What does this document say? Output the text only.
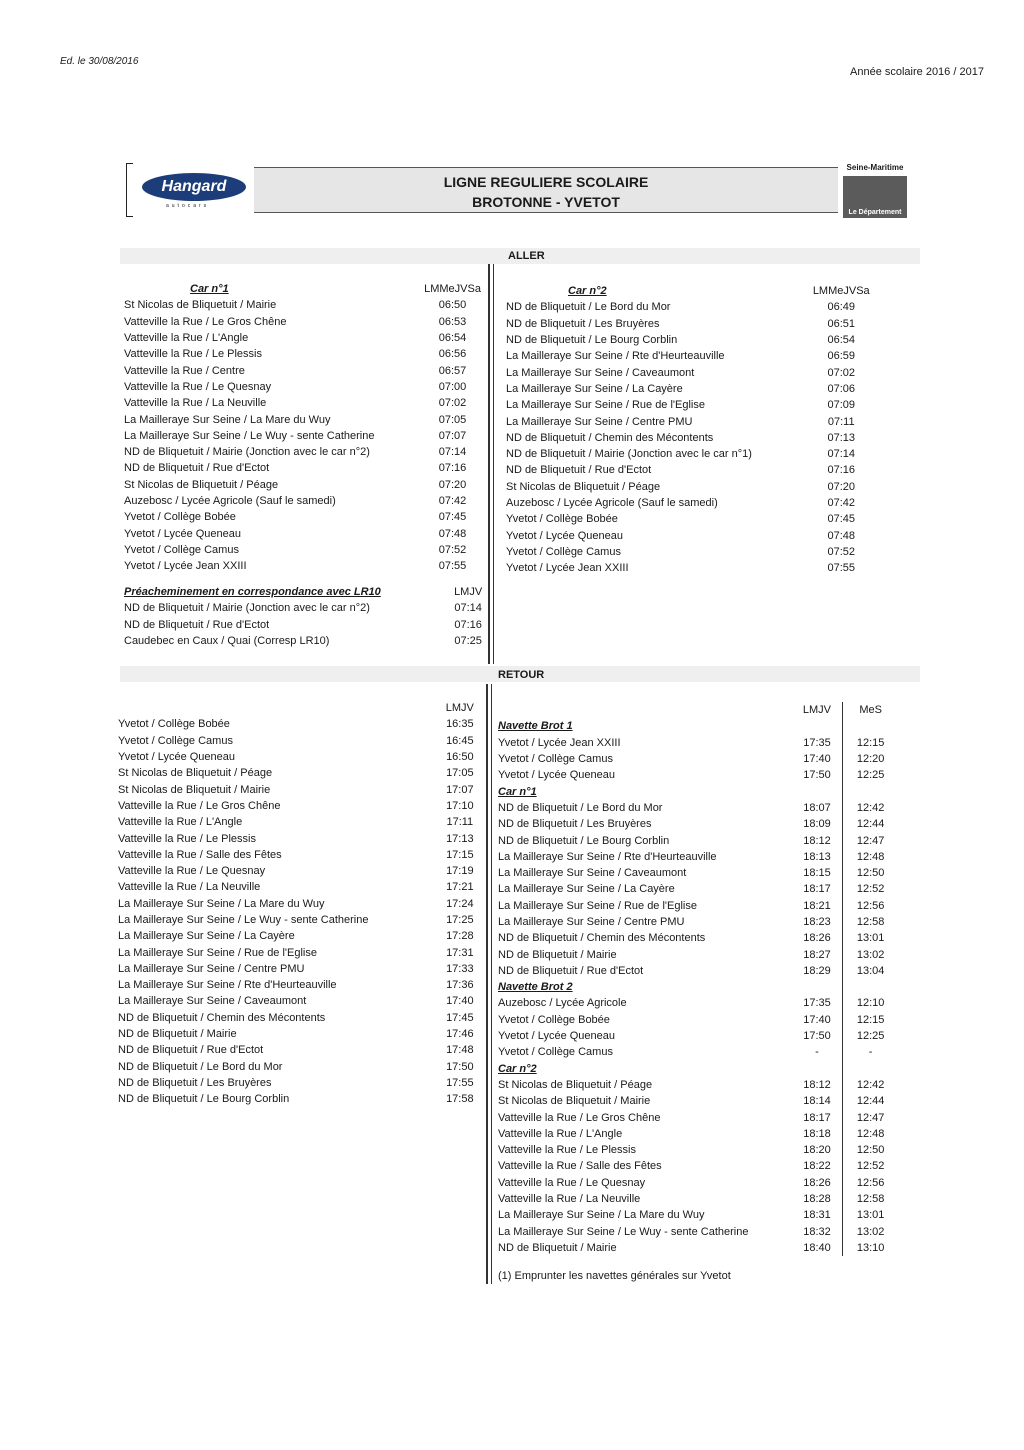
Ed. le 30/08/2016
Année scolaire 2016 / 2017
Hangard
autocars
LIGNE REGULIERE SCOLAIRE
BROTONNE - YVETOT
Seine-Maritime
Le Département
ALLER
Car n°1	LMMeJVSa
St Nicolas de Bliquetuit / Mairie	06:50
Vatteville la Rue / Le Gros Chêne	06:53
Vatteville la Rue / L'Angle	06:54
Vatteville la Rue / Le Plessis	06:56
Vatteville la Rue / Centre	06:57
Vatteville la Rue / Le Quesnay	07:00
Vatteville la Rue / La Neuville	07:02
La Mailleraye Sur Seine / La Mare du Wuy	07:05
La Mailleraye Sur Seine / Le Wuy - sente Catherine	07:07
ND de Bliquetuit / Mairie (Jonction avec le car n°2)	07:14
ND de Bliquetuit / Rue d'Ectot	07:16
St Nicolas de Bliquetuit / Péage	07:20
Auzebosc / Lycée Agricole (Sauf le samedi)	07:42
Yvetot / Collège Bobée	07:45
Yvetot / Lycée Queneau	07:48
Yvetot / Collège Camus	07:52
Yvetot / Lycée Jean XXIII	07:55
Préacheminement en correspondance avec LR10	LMJV
ND de Bliquetuit / Mairie (Jonction avec le car n°2)	07:14
ND de Bliquetuit / Rue d'Ectot	07:16
Caudebec en Caux / Quai (Corresp LR10)	07:25
Car n°2	LMMeJVSa
ND de Bliquetuit / Le Bord du Mor	06:49
ND de Bliquetuit / Les Bruyères	06:51
ND de Bliquetuit / Le Bourg Corblin	06:54
La Mailleraye Sur Seine / Rte d'Heurteauville	06:59
La Mailleraye Sur Seine / Caveaumont	07:02
La Mailleraye Sur Seine / La Cayère	07:06
La Mailleraye Sur Seine / Rue de l'Eglise	07:09
La Mailleraye Sur Seine / Centre PMU	07:11
ND de Bliquetuit / Chemin des Mécontents	07:13
ND de Bliquetuit / Mairie (Jonction avec le car n°1)	07:14
ND de Bliquetuit / Rue d'Ectot	07:16
St Nicolas de Bliquetuit / Péage	07:20
Auzebosc / Lycée Agricole (Sauf le samedi)	07:42
Yvetot / Collège Bobée	07:45
Yvetot / Lycée Queneau	07:48
Yvetot / Collège Camus	07:52
Yvetot / Lycée Jean XXIII	07:55
RETOUR
	LMJV
Yvetot / Collège Bobée	16:35
Yvetot / Collège Camus	16:45
Yvetot / Lycée Queneau	16:50
St Nicolas de Bliquetuit / Péage	17:05
St Nicolas de Bliquetuit / Mairie	17:07
Vatteville la Rue / Le Gros Chêne	17:10
Vatteville la Rue / L'Angle	17:11
Vatteville la Rue / Le Plessis	17:13
Vatteville la Rue / Salle des Fêtes	17:15
Vatteville la Rue / Le Quesnay	17:19
Vatteville la Rue / La Neuville	17:21
La Mailleraye Sur Seine / La Mare du Wuy	17:24
La Mailleraye Sur Seine / Le Wuy - sente Catherine	17:25
La Mailleraye Sur Seine / La Cayère	17:28
La Mailleraye Sur Seine / Rue de l'Eglise	17:31
La Mailleraye Sur Seine / Centre PMU	17:33
La Mailleraye Sur Seine / Rte d'Heurteauville	17:36
La Mailleraye Sur Seine / Caveaumont	17:40
ND de Bliquetuit / Chemin des Mécontents	17:45
ND de Bliquetuit / Mairie	17:46
ND de Bliquetuit / Rue d'Ectot	17:48
ND de Bliquetuit / Le Bord du Mor	17:50
ND de Bliquetuit / Les Bruyères	17:55
ND de Bliquetuit / Le Bourg Corblin	17:58
	LMJV	MeS
Navette Brot 1		
Yvetot / Lycée Jean XXIII	17:35	12:15
Yvetot / Collège Camus	17:40	12:20
Yvetot / Lycée Queneau	17:50	12:25
Car n°1		
ND de Bliquetuit / Le Bord du Mor	18:07	12:42
ND de Bliquetuit / Les Bruyères	18:09	12:44
ND de Bliquetuit / Le Bourg Corblin	18:12	12:47
La Mailleraye Sur Seine / Rte d'Heurteauville	18:13	12:48
La Mailleraye Sur Seine / Caveaumont	18:15	12:50
La Mailleraye Sur Seine / La Cayère	18:17	12:52
La Mailleraye Sur Seine / Rue de l'Eglise	18:21	12:56
La Mailleraye Sur Seine / Centre PMU	18:23	12:58
ND de Bliquetuit / Chemin des Mécontents	18:26	13:01
ND de Bliquetuit / Mairie	18:27	13:02
ND de Bliquetuit / Rue d'Ectot	18:29	13:04
Navette Brot 2		
Auzebosc / Lycée Agricole	17:35	12:10
Yvetot / Collège Bobée	17:40	12:15
Yvetot / Lycée Queneau	17:50	12:25
Yvetot / Collège Camus	-	-
Car n°2		
St Nicolas de Bliquetuit / Péage	18:12	12:42
St Nicolas de Bliquetuit / Mairie	18:14	12:44
Vatteville la Rue / Le Gros Chêne	18:17	12:47
Vatteville la Rue / L'Angle	18:18	12:48
Vatteville la Rue / Le Plessis	18:20	12:50
Vatteville la Rue / Salle des Fêtes	18:22	12:52
Vatteville la Rue / Le Quesnay	18:26	12:56
Vatteville la Rue / La Neuville	18:28	12:58
La Mailleraye Sur Seine / La Mare du Wuy	18:31	13:01
La Mailleraye Sur Seine / Le Wuy - sente Catherine	18:32	13:02
ND de Bliquetuit / Mairie	18:40	13:10
(1) Emprunter les navettes générales sur Yvetot
